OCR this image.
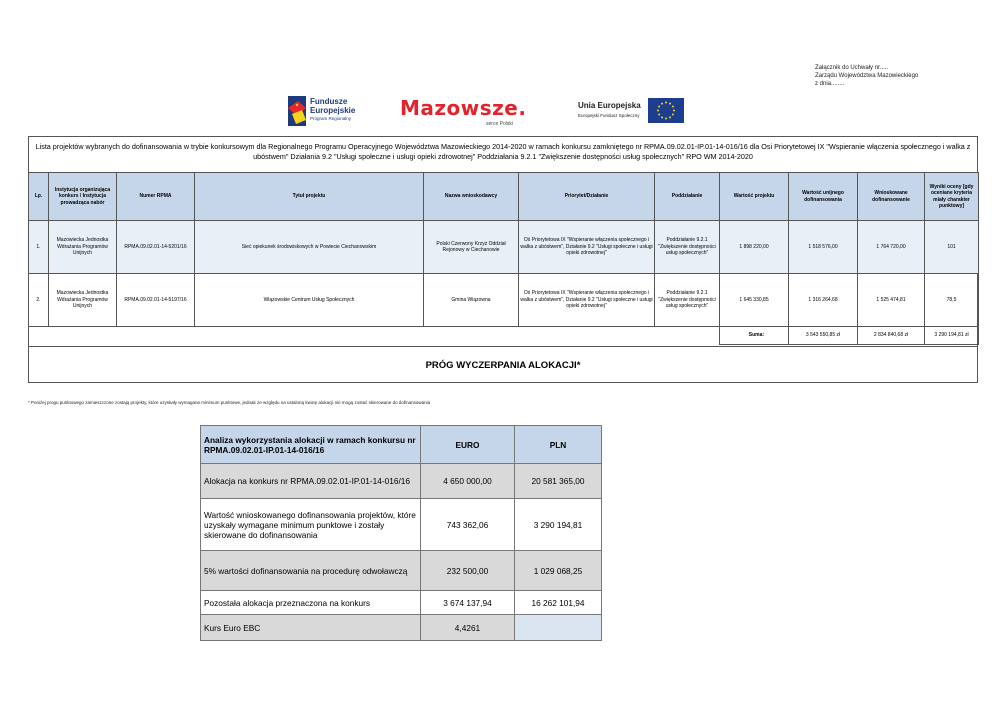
Załącznik do Uchwały nr.....
Zarządu Województwa Mazowieckiego
z dnia........
Fundusze
Europejskie
Program Regionalny Mazowsze.
serce Polski
Unia Europejska
Europejski Fundusz Społeczny
Lista projektów wybranych do dofinansowania w trybie konkursowym dla Regionalnego Programu Operacyjnego Województwa Mazowieckiego 2014-2020 w ramach konkursu zamkniętego nr RPMA.09.02.01-IP.01-14-016/16 dla Osi Priorytetowej IX "Wspieranie włączenia społecznego i walka z ubóstwem" Działania 9.2 "Usługi społeczne i usługi opieki zdrowotnej" Poddziałania 9.2.1 "Zwiększenie dostępności usług społecznych" RPO WM 2014-2020
Lp.	Instytucja organizująca konkurs / Instytucja prowadząca nabór	Numer RPMA	Tytuł projektu	Nazwa wnioskodawcy	Priorytet/Działanie	Poddziałanie	Wartość projektu	Wartość unijnego dofinansowania	Wnioskowane dofinansowanie	Wyniki oceny [gdy oceniane kryteria miały charakter punktowy]
1.	Mazowiecka Jednostka Wdrażania Programów Unijnych	RPMA.09.02.01-14-5201/16	Sieć opiekunek środowiskowych w Powiecie Ciechanowskim	Polski Czerwony Krzyż Oddział Rejonowy w Ciechanowie	Oś Priorytetowa IX "Wspieranie włączenia społecznego i walka z ubóstwem", Działanie 9.2 "Usługi społeczne i usługi opieki zdrowotnej"	Poddziałanie 9.2.1 "Zwiększenie dostępności usług społecznych"	1 898 220,00	1 518 576,00	1 764 720,00	101
2.	Mazowiecka Jednostka Wdrażania Programów Unijnych	RPMA.09.02.01-14-5197/16	Wiązowskie Centrum Usług Społecznych	Gmina Wiązowna	Oś Priorytetowa IX "Wspieranie włączenia społecznego i walka z ubóstwem", Działanie 9.2 "Usługi społeczne i usługi opieki zdrowotnej"	Poddziałanie 9.2.1 "Zwiększenie dostępności usług społecznych"	1 645 330,85	1 316 264,68	1 525 474,81	78,5
							Suma:	3 543 550,85 zł	2 834 840,68 zł	3 290 194,81 zł
PRÓG WYCZERPANIA ALOKACJI*
* Poniżej progu punktowego zamieszczone zostają projekty, które uzyskały wymagane minimum punktowe, jednak ze względu na ustaloną kwotę alokacji nie mogą zostać skierowane do dofinansowania
Analiza wykorzystania alokacji w ramach konkursu nr RPMA.09.02.01-IP.01-14-016/16	EURO	PLN
Alokacja na konkurs nr RPMA.09.02.01-IP.01-14-016/16	4 650 000,00	20 581 365,00
Wartość wnioskowanego dofinansowania projektów, które uzyskały wymagane minimum punktowe i zostały skierowane do dofinansowania	743 362,06	3 290 194,81
5% wartości dofinansowania na procedurę odwoławczą	232 500,00	1 029 068,25
Pozostała alokacja przeznaczona na konkurs	3 674 137,94	16 262 101,94
Kurs Euro EBC	4,4261	
